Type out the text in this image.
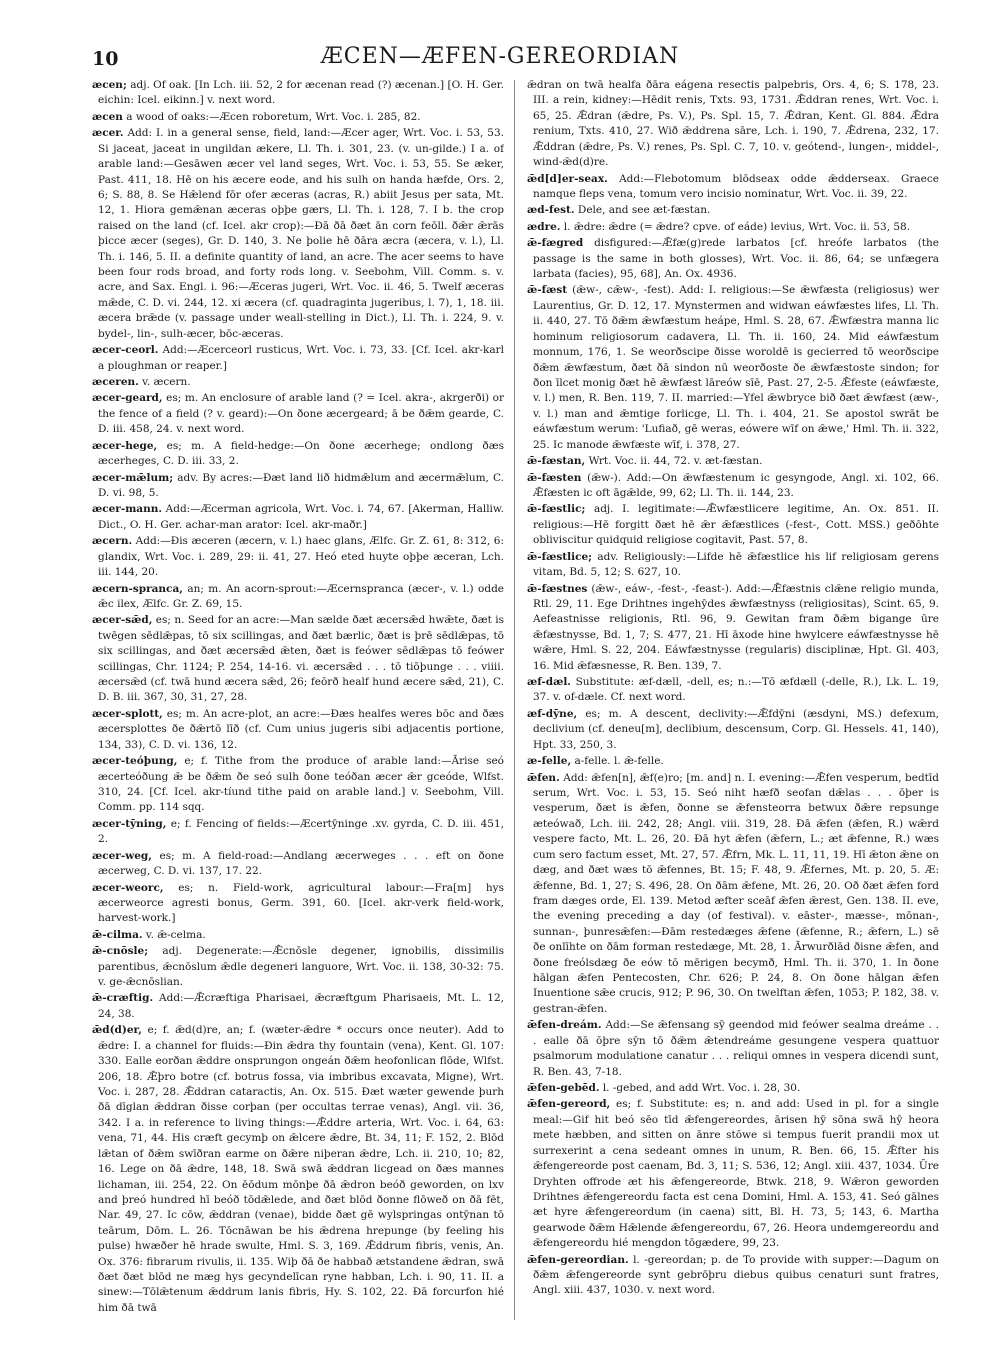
10	ÆCEN—ÆFEN-GEREORDIAN

æcen; adj. Of oak. [In Lch. iii. 52, 2 for æcenan read (?) æcenan.] [O. H. Ger. eichin: Icel. eikinn.] v. next word.

æcen a wood of oaks:—Æcen roboretum, Wrt. Voc. i. 285, 82.

æcer. Add: I. in a general sense, field, land:—Æcer ager, Wrt. Voc. i. 53, 53. Si jaceat, jaceat in ungildan ækere, Ll. Th. i. 301, 23. (v. un-gilde.) I a. of arable land:—Gesāwen æcer vel land seges, Wrt. Voc. i. 53, 55. Se æker, Past. 411, 18. Hē on his æcere eode, and his sulh on handa hæfde, Ors. 2, 6; S. 88, 8. Se Hǣlend fōr ofer æceras (acras, R.) abiit Jesus per sata, Mt. 12, 1. Hiora gemǣnan æceras oþþe gærs, Ll. Th. i. 128, 7. I b. the crop raised on the land (cf. Icel. akr crop):—Ðā ðā ðæt ān corn feōll. ðǣr ǣrās þicce æcer (seges), Gr. D. 140, 3. Ne þolie hē ðāra æcra (æcera, v. l.), Ll. Th. i. 146, 5. II. a definite quantity of land, an acre. The acer seems to have been four rods broad, and forty rods long. v. Seebohm, Vill. Comm. s. v. acre, and Sax. Engl. i. 96:—Æceras jugeri, Wrt. Voc. ii. 46, 5. Twelf æceras mǣde, C. D. vi. 244, 12. xi æcera (cf. quadraginta jugeribus, l. 7), 1, 18. iii. æcera brǣde (v. passage under weall-stelling in Dict.), Ll. Th. i. 224, 9. v. bydel-, lin-, sulh-æcer, bōc-æceras.

æcer-ceorl. Add:—Æcerceorl rusticus, Wrt. Voc. i. 73, 33. [Cf. Icel. akr-karl a ploughman or reaper.]

æceren. v. æcern.

æcer-geard, es; m. An enclosure of arable land (? = Icel. akra-, akrgerði) or the fence of a field (? v. geard):—On ðone æcergeard; ā be ðǣm gearde, C. D. iii. 458, 24. v. next word.

æcer-hege, es; m. A field-hedge:—On ðone æcerhege; ondlong ðæs æcerheges, C. D. iii. 33, 2.

æcer-mǣlum; adv. By acres:—Ðæt land lið hidmǣlum and æcermǣlum, C. D. vi. 98, 5.

æcer-mann. Add:—Æcerman agricola, Wrt. Voc. i. 74, 67. [Akerman, Halliw. Dict., O. H. Ger. achar-man arator: Icel. akr-maðr.]

æcern. Add:—Ðis æceren (æcern, v. l.) haec glans, Ælfc. Gr. Z. 61, 8: 312, 6: glandix, Wrt. Voc. i. 289, 29: ii. 41, 27. Heó eted huyte oþþe æceran, Lch. iii. 144, 20.

æcern-spranca, an; m. An acorn-sprout:—Æcernspranca (æcer-, v. l.) odde ǣc ilex, Ælfc. Gr. Z. 69, 15.

æcer-sǣd, es; n. Seed for an acre:—Man sælde ðæt æcersǣd hwǣte, ðæt is twēgen sēdlǣpas, tō six scillingas, and ðæt bærlic, ðæt is þrē sēdlǣpas, tō six scillingas, and ðæt æcersǣd ǣten, ðæt is feówer sēdlǣpas tō feówer scillingas, Chr. 1124; P. 254, 14-16. vi. æcersǣd . . . tō tiōþunge . . . viiii. æcersǣd (cf. twā hund æcera sǣd, 26; feōrð healf hund æcere sǣd, 21), C. D. B. iii. 367, 30, 31, 27, 28.

æcer-splott, es; m. An acre-plot, an acre:—Ðæs healfes weres bōc and ðæs æcersplottes ðe ðǣrtō līð (cf. Cum unius jugeris sibi adjacentis portione, 134, 33), C. D. vi. 136, 12.

æcer-teóþung, e; f. Tithe from the produce of arable land:—Ārise seó æcerteóðung ǣ be ðǣm ðe seó sulh ðone teóðan æcer ǣr gceóde, Wlfst. 310, 24. [Cf. Icel. akr-tíund tithe paid on arable land.] v. Seebohm, Vill. Comm. pp. 114 sqq.

æcer-tȳning, e; f. Fencing of fields:—Æcertȳninge .xv. gyrda, C. D. iii. 451, 2.

æcer-weg, es; m. A field-road:—Andlang æcerweges . . . eft on ðone æcerweg, C. D. vi. 137, 17. 22.

æcer-weorc, es; n. Field-work, agricultural labour:—Fra[m] hys æcerweorce agresti bonus, Germ. 391, 60. [Icel. akr-verk field-work, harvest-work.]

ǣ-cilma. v. ǣ-celma.

ǣ-cnōsle; adj. Degenerate:—Ǣcnōsle degener, ignobilis, dissimilis parentibus, ǣcnōslum ǣdle degeneri languore, Wrt. Voc. ii. 138, 30-32: 75. v. ge-ǣcnōslian.

ǣ-cræftig. Add:—Ǣcræftiga Pharisaei, ǣcræftgum Pharisaeis, Mt. L. 12, 24, 38.

ǣd(d)er, e; f. ǣd(d)re, an; f. (wæter-ǣdre * occurs once neuter). Add to ǣdre: I. a channel for fluids:—Ðin ǣdra thy fountain (vena), Kent. Gl. 107: 330. Ealle eorðan ǣddre onsprungon ongeán ðǣm heofonlican flōde, Wlfst. 206, 18. Ǣþro botre (cf. botrus fossa, via imbribus excavata, Migne), Wrt. Voc. i. 287, 28. Ǣddran cataractis, An. Ox. 515. Ðæt wæter gewende þurh ðā dīglan ǣddran ðisse corþan (per occultas terrae venas), Angl. vii. 36, 342. I a. in reference to living things:—Ǣddre arteria, Wrt. Voc. i. 64, 63: vena, 71, 44. His cræft gecymþ on ǣlcere ǣdre, Bt. 34, 11; F. 152, 2. Blōd lǣtan of ðǣm swīðran earme on ðǣre niþeran ǣdre, Lch. ii. 210, 10; 82, 16. Lege on ðā ǣdre, 148, 18. Swā swā ǣddran licgead on ðæs mannes lichaman, iii. 254, 22. On ēōdum mōnþe ðā ǣdron beóð geworden, on lxv and þreó hundred hī beóð tōdǣlede, and ðæt blōd ðonne flōweð on ðā fēt, Nar. 49, 27. Ic cōw, ǣddran (venae), bidde ðæt gē wylspringas ontȳnan tō teārum, Dōm. L. 26. Tōcnāwan be his ǣdrena hrepunge (by feeling his pulse) hwæðer hē hrade swulte, Hml. S. 3, 169. Ǣddrum fibris, venis, An. Ox. 376: fibrarum rivulis, ii. 135. Wiþ ðā ðe habbað ætstandene ǣdran, swā ðæt ðæt blōd ne mæg hys gecyndelīcan ryne habban, Lch. i. 90, 11. II. a sinew:—Tōlǣtenum ǣddrum lanis fibris, Hy. S. 102, 22. Ðā forcurfon hié him ðā twā

ǣdran on twā healfa ðāra eágena resectis palpebris, Ors. 4, 6; S. 178, 23. III. a rein, kidney:—Hēdit renis, Txts. 93, 1731. Ǣddran renes, Wrt. Voc. i. 65, 25. Ǣdran (ǣdre, Ps. V.), Ps. Spl. 15, 7. Ǣdran, Kent. Gl. 884. Ǣdra renium, Txts. 410, 27. Wið ǣddrena sāre, Lch. i. 190, 7. Ǣdrena, 232, 17. Ǣddran (ǣdre, Ps. V.) renes, Ps. Spl. C. 7, 10. v. geótend-, lungen-, middel-, wind-ǣd(d)re.

ǣd[d]er-seax. Add:—Flebotomum blōdseax odde ǣdderseax. Graece namque fleps vena, tomum vero incisio nominatur, Wrt. Voc. ii. 39, 22.

æd-fest. Dele, and see æt-fæstan.

ædre. l. ǣdre: ǣdre (= ǣdre? cpve. of eáde) levius, Wrt. Voc. ii. 53, 58.

ǣ-fægred disfigured:—Ǣfæ(g)rede larbatos [cf. hreófe larbatos (the passage is the same in both glosses), Wrt. Voc. ii. 86, 64; se unfægera larbata (facies), 95, 68], An. Ox. 4936.

ǣ-fæst (ǣw-, cǣw-, -fest). Add: I. religious:—Se ǣwfæsta (religiosus) wer Laurentius, Gr. D. 12, 17. Mynstermen and widwan eáwfæstes lifes, Ll. Th. ii. 440, 27. Tō ðǣm ǣwfæstum heápe, Hml. S. 28, 67. Ǣwfæstra manna lic hominum religiosorum cadavera, Ll. Th. ii. 160, 24. Mid eáwfæstum monnum, 176, 1. Se weorðscipe ðisse woroldē is gecierred tō weorðscipe ðǣm ǣwfæstum, ðæt ðā sindon nū weorðoste ðe ǣwfæstoste sindon; for ðon īlcet monig ðæt hē ǣwfæst lāreów sīē, Past. 27, 2-5. Ǣfeste (eáwfæste, v. l.) men, R. Ben. 119, 7. II. married:—Yfel ǣwbryce bið ðæt ǣwfæst (æw-, v. l.) man and ǣmtige forlicge, Ll. Th. i. 404, 21. Se apostol swrāt be eáwfæstum werum: 'Lufiað, gē weras, eówere wīf on ǣwe,' Hml. Th. ii. 322, 25. Ic manode ǣwfæste wīf, i. 378, 27.

ǣ-fæstan, Wrt. Voc. ii. 44, 72. v. æt-fæstan.

ǣ-fæsten (ǣw-). Add:—On ǣwfæstenum ic gesyngode, Angl. xi. 102, 66. Ǣfæsten ic oft āgǣlde, 99, 62; Ll. Th. ii. 144, 23.

ǣ-fæstlic; adj. I. legitimate:—Ǣwfæstlicere legitime, An. Ox. 851. II. religious:—Hē forgitt ðæt hē ǣr ǣfæstlices (-fest-, Cott. MSS.) geðōhte obliviscitur quidquid religiose cogitavit, Past. 57, 8.

ǣ-fæstlice; adv. Religiously:—Lifde hē ǣfæstlice his lif religiosam gerens vitam, Bd. 5, 12; S. 627, 10.

ǣ-fæstnes (ǣw-, eáw-, -fest-, -feast-). Add:—Ǣfæstnis clǣne religio munda, Rtl. 29, 11. Ege Drihtnes ingehȳdes ǣwfæstnyss (religiositas), Scint. 65, 9. Aefeastnisse religionis, Rtl. 96, 9. Gewitan fram ðǣm bigange ūre ǣfæstnysse, Bd. 1, 7; S. 477, 21. Hī āxode hine hwylcere eáwfæstnysse hē wǣre, Hml. S. 22, 204. Eáwfæstnysse (regularis) disciplinæ, Hpt. Gl. 403, 16. Mid ǣfæsnesse, R. Ben. 139, 7.

æf-dæl. Substitute: æf-dæll, -dell, es; n.:—Tō æfdæll (-delle, R.), Lk. L. 19, 37. v. of-dæle. Cf. next word.

æf-dȳne, es; m. A descent, declivity:—Ǣfdȳni (æsdyni, MS.) defexum, declivium (cf. deneu[m], declibium, descensum, Corp. Gl. Hessels. 41, 140), Hpt. 33, 250, 3.

æ-felle, a-felle. l. ǣ-felle.

ǣfen. Add: ǣfen[n], ǣf(e)ro; [m. and] n. I. evening:—Ǣfen vesperum, bedtīd serum, Wrt. Voc. i. 53, 15. Seó niht hæfð seofan dǣlas . . . ōþer is vesperum, ðæt is ǣfen, ðonne se ǣfensteorra betwux ðǣre repsunge æteówað, Lch. iii. 242, 28; Angl. viii. 319, 28. Ðā ǣfen (ǣfen, R.) wǣrd vespere facto, Mt. L. 26, 20. Ðā hyt ǣfen (ǣfern, L.; æt ǣfenne, R.) wæs cum sero factum esset, Mt. 27, 57. Ǣfrn, Mk. L. 11, 11, 19. Hī ǣton ǣne on dæg, and ðæt wæs tō ǣfennes, Bt. 15; F. 48, 9. Ǣfernes, Mt. p. 20, 5. Æ: ǣfenne, Bd. 1, 27; S. 496, 28. On ðām ǣfene, Mt. 26, 20. Oð ðæt ǣfen ford fram dæges orde, El. 139. Metod æfter sceāf ǣfen ǣrest, Gen. 138. II. eve, the evening preceding a day (of festival). v. eāster-, mæsse-, mōnan-, sunnan-, þunresǣfen:—Ðām restedæges ǣfene (ǣfenne, R.; ǣfern, L.) sē ðe onlīhte on ðām forman restedæge, Mt. 28, 1. Ārwurðlād ðisne ǣfen, and ðone freólsdæg ðe eów tō mērigen becymð, Hml. Th. ii. 370, 1. In ðone hālgan ǣfen Pentecosten, Chr. 626; P. 24, 8. On ðone hālgan ǣfen Inuentione sǣe crucis, 912; P. 96, 30. On twelftan ǣfen, 1053; P. 182, 38. v. gestran-ǣfen.

ǣfen-dreám. Add:—Se ǣfensang sȳ geendod mid feówer sealma dreáme . . . ealle ðā ōþre sȳn tō ðǣm ǣtendreáme gesungene vespera quattuor psalmorum modulatione canatur . . . reliqui omnes in vespera dicendi sunt, R. Ben. 43, 7-18.

ǣfen-gebēd. l. -gebed, and add Wrt. Voc. i. 28, 30.

ǣfen-gereord, es; f. Substitute: es; n. and add: Used in pl. for a single meal:—Gif hit beó sēo tīd ǣfengereordes, ārisen hȳ sōna swā hȳ heora mete hæbben, and sitten on ānre stōwe si tempus fuerit prandii mox ut surrexerint a cena sedeant omnes in unum, R. Ben. 66, 15. Ǣfter his ǣfengereorde post caenam, Bd. 3, 11; S. 536, 12; Angl. xiii. 437, 1034. Ūre Dryhten offrode æt his ǣfengereorde, Btwk. 218, 9. Wǣron geworden Drihtnes ǣfengereordu facta est cena Domini, Hml. A. 153, 41. Seó gālnes æt hyre ǣfengereordum (in caena) sitt, Bl. H. 73, 5; 143, 6. Martha gearwode ðǣm Hǣlende ǣfengereordu, 67, 26. Heora undemgereordu and ǣfengereordu hié mengdon tōgædere, 99, 23.

ǣfen-gereordian. l. -gereordan; p. de To provide with supper:—Dagum on ðǣm ǣfengereorde synt gebrōþru diebus quibus cenaturi sunt fratres, Angl. xiii. 437, 1030. v. next word.
